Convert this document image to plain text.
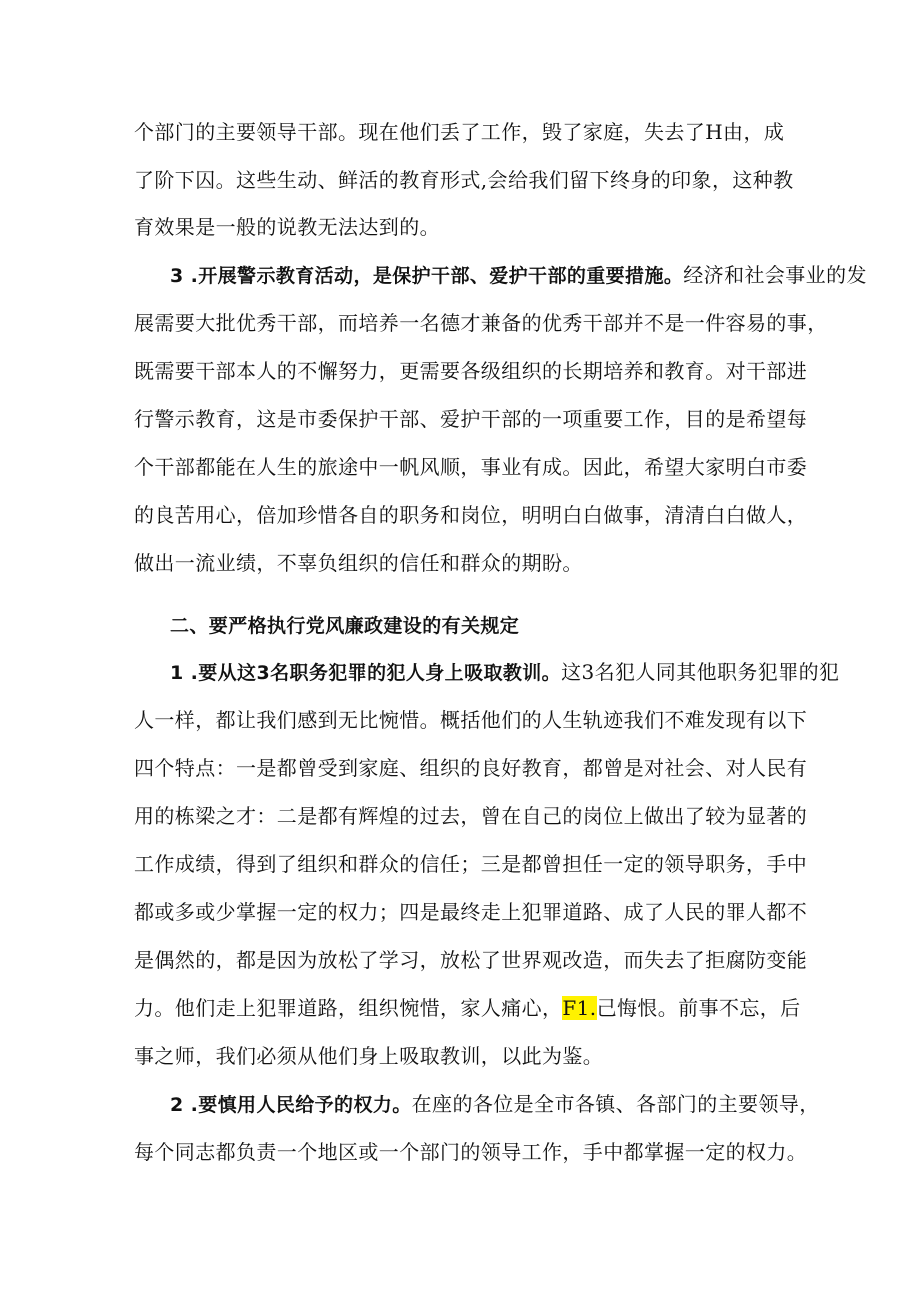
个部门的主要领导干部。现在他们丢了工作，毁了家庭，失去了H由，成
了阶下囚。这些生动、鲜活的教育形式,会给我们留下终身的印象，这种教
育效果是一般的说教无法达到的。
3 .开展警示教育活动，是保护干部、爱护干部的重要措施。经济和社会事业的发
展需要大批优秀干部，而培养一名德才兼备的优秀干部并不是一件容易的事，
既需要干部本人的不懈努力，更需要各级组织的长期培养和教育。对干部进
行警示教育，这是市委保护干部、爱护干部的一项重要工作，目的是希望每
个干部都能在人生的旅途中一帆风顺，事业有成。因此，希望大家明白市委
的良苦用心，倍加珍惜各自的职务和岗位，明明白白做事，清清白白做人，
做出一流业绩，不辜负组织的信任和群众的期盼。
二、要严格执行党风廉政建设的有关规定
1 .要从这3名职务犯罪的犯人身上吸取教训。这3名犯人同其他职务犯罪的犯
人一样，都让我们感到无比惋惜。概括他们的人生轨迹我们不难发现有以下
四个特点：一是都曾受到家庭、组织的良好教育，都曾是对社会、对人民有
用的栋梁之才：二是都有辉煌的过去，曾在自己的岗位上做出了较为显著的
工作成绩，得到了组织和群众的信任；三是都曾担任一定的领导职务，手中
都或多或少掌握一定的权力；四是最终走上犯罪道路、成了人民的罪人都不
是偶然的，都是因为放松了学习，放松了世界观改造，而失去了拒腐防变能
力。他们走上犯罪道路，组织惋惜，家人痛心，F1.己悔恨。前事不忘，后
事之师，我们必须从他们身上吸取教训，以此为鉴。
2 .要慎用人民给予的权力。在座的各位是全市各镇、各部门的主要领导，
每个同志都负责一个地区或一个部门的领导工作，手中都掌握一定的权力。
